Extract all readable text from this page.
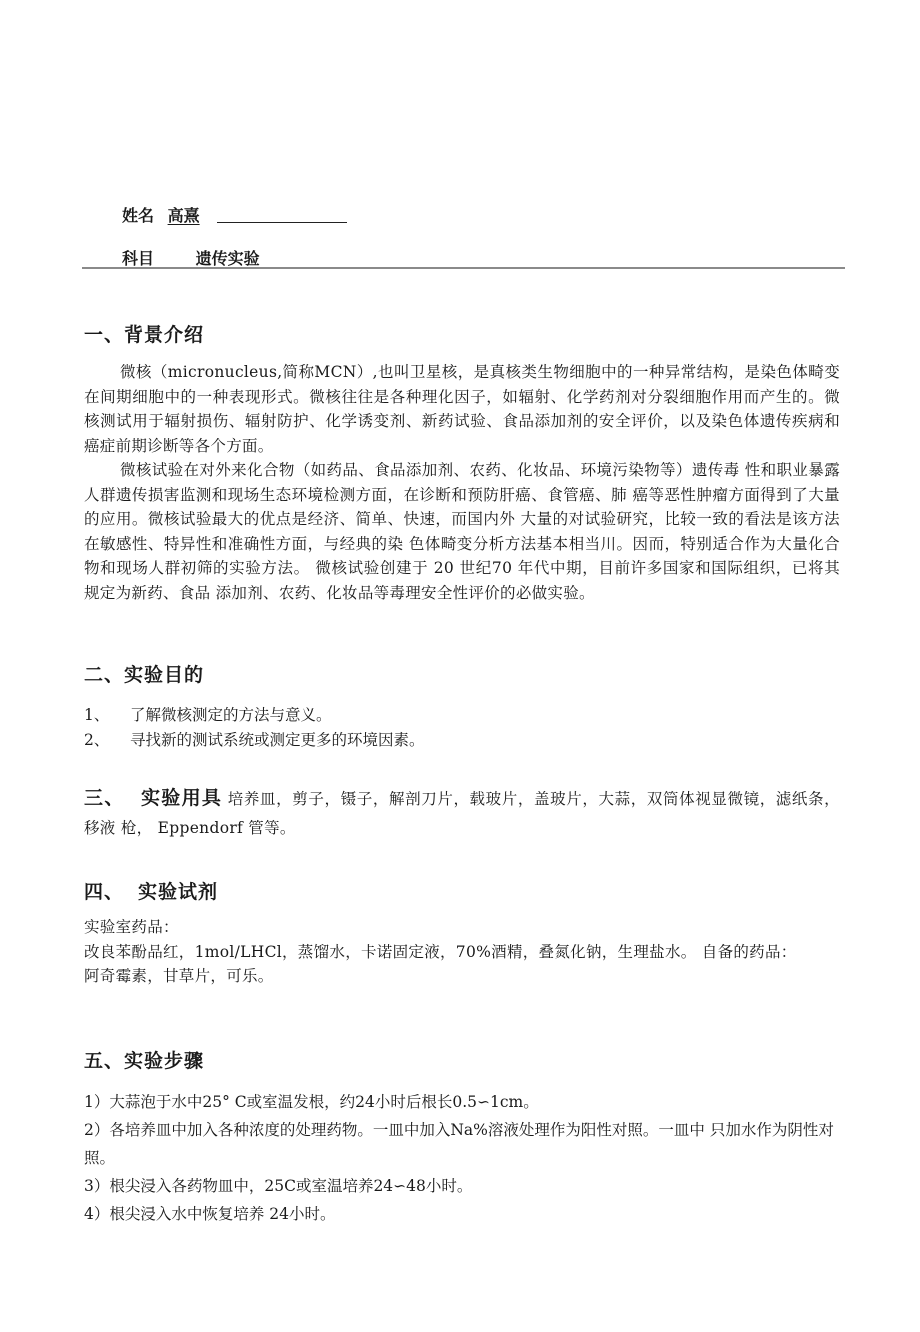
姓名 高熹
科目	遗传实验
一、背景介绍

微核（micronucleus,简称MCN）,也叫卫星核，是真核类生物细胞中的一种异常结构，是染色体畸变在间期细胞中的一种表现形式。微核往往是各种理化因子，如辐射、化学药剂对分裂细胞作用而产生的。微核测试用于辐射损伤、辐射防护、化学诱变剂、新药试验、食品添加剂的安全评价，以及染色体遗传疾病和癌症前期诊断等各个方面。

微核试验在对外来化合物（如药品、食品添加剂、农药、化妆品、环境污染物等）遗传毒 性和职业暴露人群遗传损害监测和现场生态环境检测方面，在诊断和预防肝癌、食管癌、肺 癌等恶性肿瘤方面得到了大量的应用。微核试验最大的优点是经济、简单、快速，而国内外 大量的对试验研究，比较一致的看法是该方法在敏感性、特异性和准确性方面，与经典的染 色体畸变分析方法基本相当川。因而，特别适合作为大量化合物和现场人群初筛的实验方法。 微核试验创建于 20 世纪70 年代中期，目前许多国家和国际组织，已将其规定为新药、食品 添加剂、农药、化妆品等毒理安全性评价的必做实验。

二、实验目的

1、 了解微核测定的方法与意义。

2、 寻找新的测试系统或测定更多的环境因素。

三、 实验用具 培养皿，剪子，镊子，解剖刀片，载玻片，盖玻片，大蒜，双筒体视显微镜，滤纸条，移液 枪， Eppendorf 管等。

四、 实验试剂

实验室药品：

改良苯酚品红，1mol/LHCl，蒸馏水，卡诺固定液，70%酒精，叠氮化钠，生理盐水。 自备的药品：

阿奇霉素，甘草片，可乐。

五、实验步骤

1）大蒜泡于水中25° C或室温发根，约24小时后根长0.5∽1cm。

2）各培养皿中加入各种浓度的处理药物。一皿中加入Na%溶液处理作为阳性对照。一皿中 只加水作为阴性对照。

3）根尖浸入各药物皿中，25C或室温培养24∽48小时。

4）根尖浸入水中恢复培养 24小时。
